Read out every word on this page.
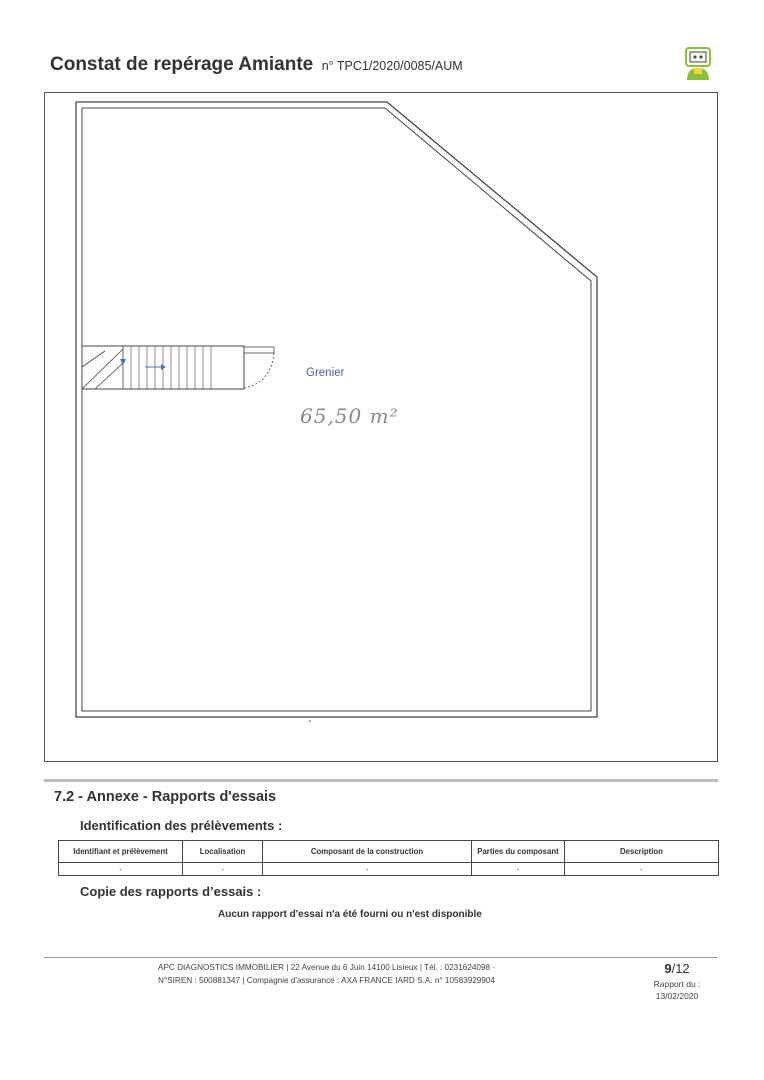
Constat de repérage Amiante n° TPC1/2020/0085/AUM
Grenier
65,50 m²
7.2 - Annexe - Rapports d'essais
Identification des prélèvements :
Identifiant et prélèvement	Localisation	Composant de la construction	Parties du composant	Description
-	-	-	-	-
Copie des rapports d’essais :
Aucun rapport d'essai n'a été fourni ou n'est disponible
APC DIAGNOSTICS IMMOBILIER | 22 Avenue du 6 Juin 14100 Lisieux | Tél. : 0231624098 -
N°SIREN : 500881347 | Compagnie d'assurance : AXA FRANCE IARD S.A. n° 10583929904
9/12
Rapport du :
13/02/2020
